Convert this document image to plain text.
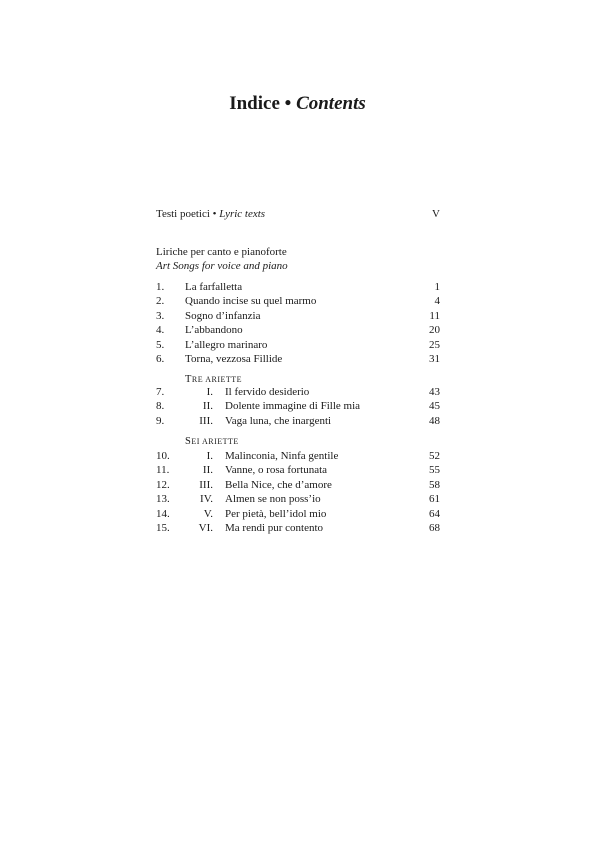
Indice • Contents
Testi poetici • Lyric texts	V
Liriche per canto e pianoforte
Art Songs for voice and piano
1. La farfalletta	1
2. Quando incise su quel marmo	4
3. Sogno d’infanzia	11
4. L’abbandono	20
5. L’allegro marinaro	25
6. Torna, vezzosa Fillide	31
TRE ARIETTE
7.	I. Il fervido desiderio	43
8.	II. Dolente immagine di Fille mia	45
9.	III. Vaga luna, che inargenti	48
SEI ARIETTE
10.	I. Malinconia, Ninfa gentile	52
11.	II. Vanne, o rosa fortunata	55
12.	III. Bella Nice, che d’amore	58
13.	IV. Almen se non poss’io	61
14.	V. Per pietà, bell’idol mio	64
15.	VI. Ma rendi pur contento	68
